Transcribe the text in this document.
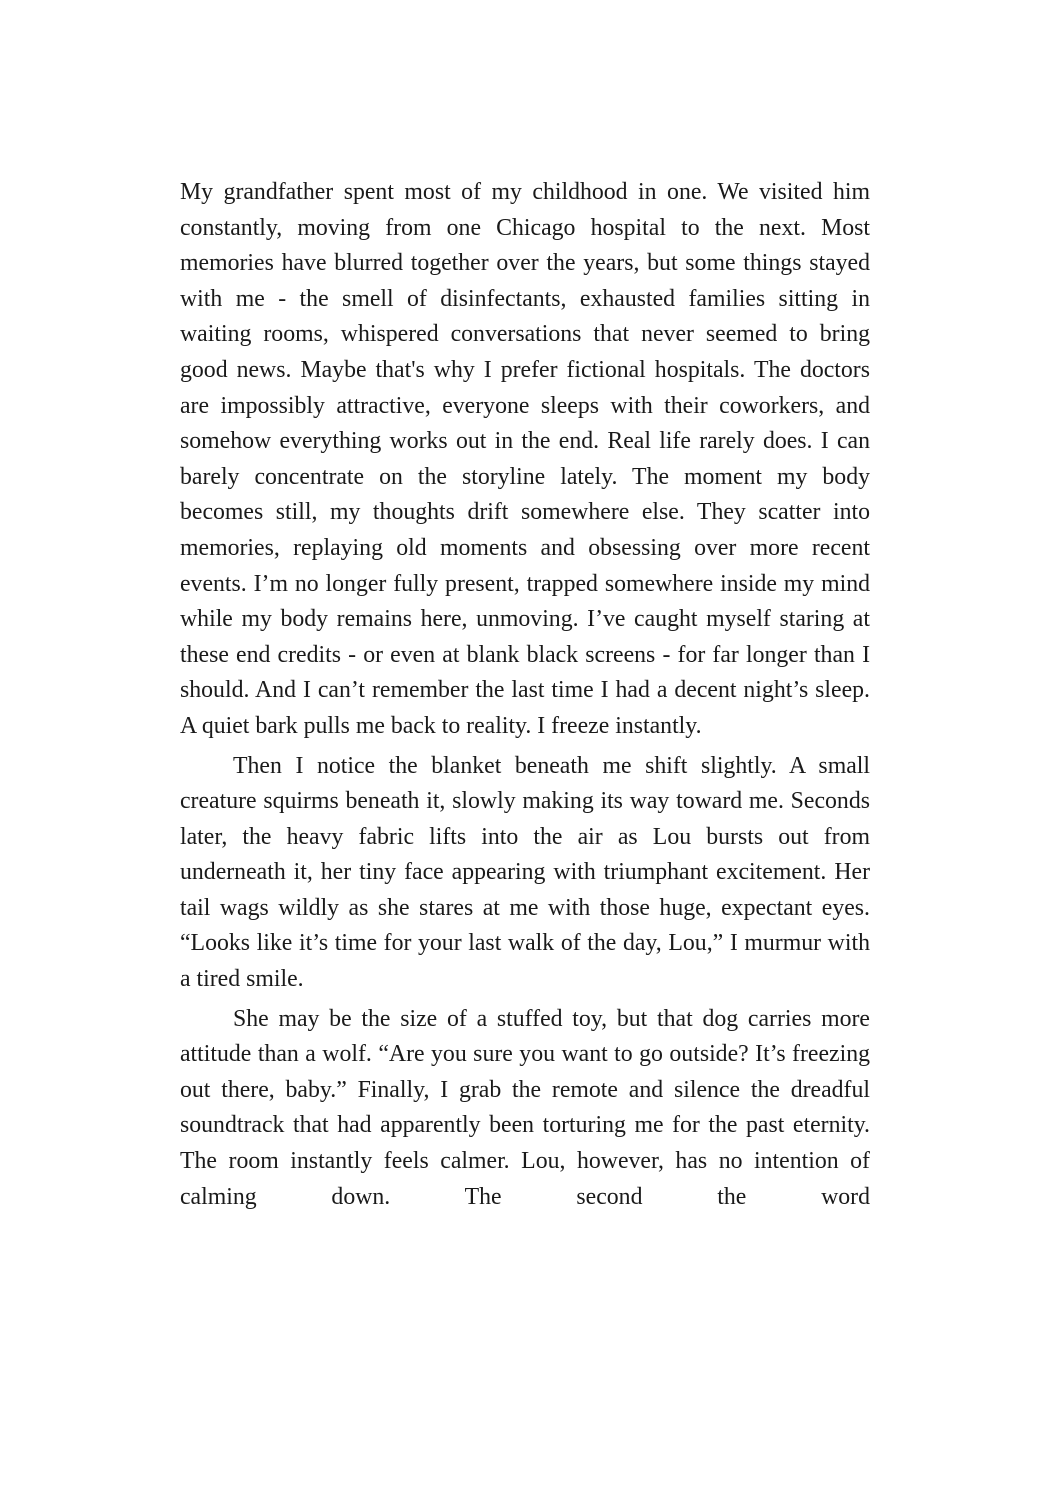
My grandfather spent most of my childhood in one. We visited him constantly, moving from one Chicago hospital to the next. Most memories have blurred together over the years, but some things stayed with me - the smell of disinfectants, exhausted families sitting in waiting rooms, whispered conversations that never seemed to bring good news. Maybe that's why I prefer fictional hospitals. The doctors are impossibly attractive, everyone sleeps with their coworkers, and somehow everything works out in the end. Real life rarely does. I can barely concentrate on the storyline lately. The moment my body becomes still, my thoughts drift somewhere else. They scatter into memories, replaying old moments and obsessing over more recent events. I’m no longer fully present, trapped somewhere inside my mind while my body remains here, unmoving. I’ve caught myself staring at these end credits - or even at blank black screens - for far longer than I should. And I can’t remember the last time I had a decent night’s sleep. A quiet bark pulls me back to reality. I freeze instantly.

Then I notice the blanket beneath me shift slightly. A small creature squirms beneath it, slowly making its way toward me. Seconds later, the heavy fabric lifts into the air as Lou bursts out from underneath it, her tiny face appearing with triumphant excitement. Her tail wags wildly as she stares at me with those huge, expectant eyes. “Looks like it’s time for your last walk of the day, Lou,” I murmur with a tired smile.

She may be the size of a stuffed toy, but that dog carries more attitude than a wolf. “Are you sure you want to go outside? It’s freezing out there, baby.” Finally, I grab the remote and silence the dreadful soundtrack that had apparently been torturing me for the past eternity. The room instantly feels calmer. Lou, however, has no intention of calming down. The second the word
